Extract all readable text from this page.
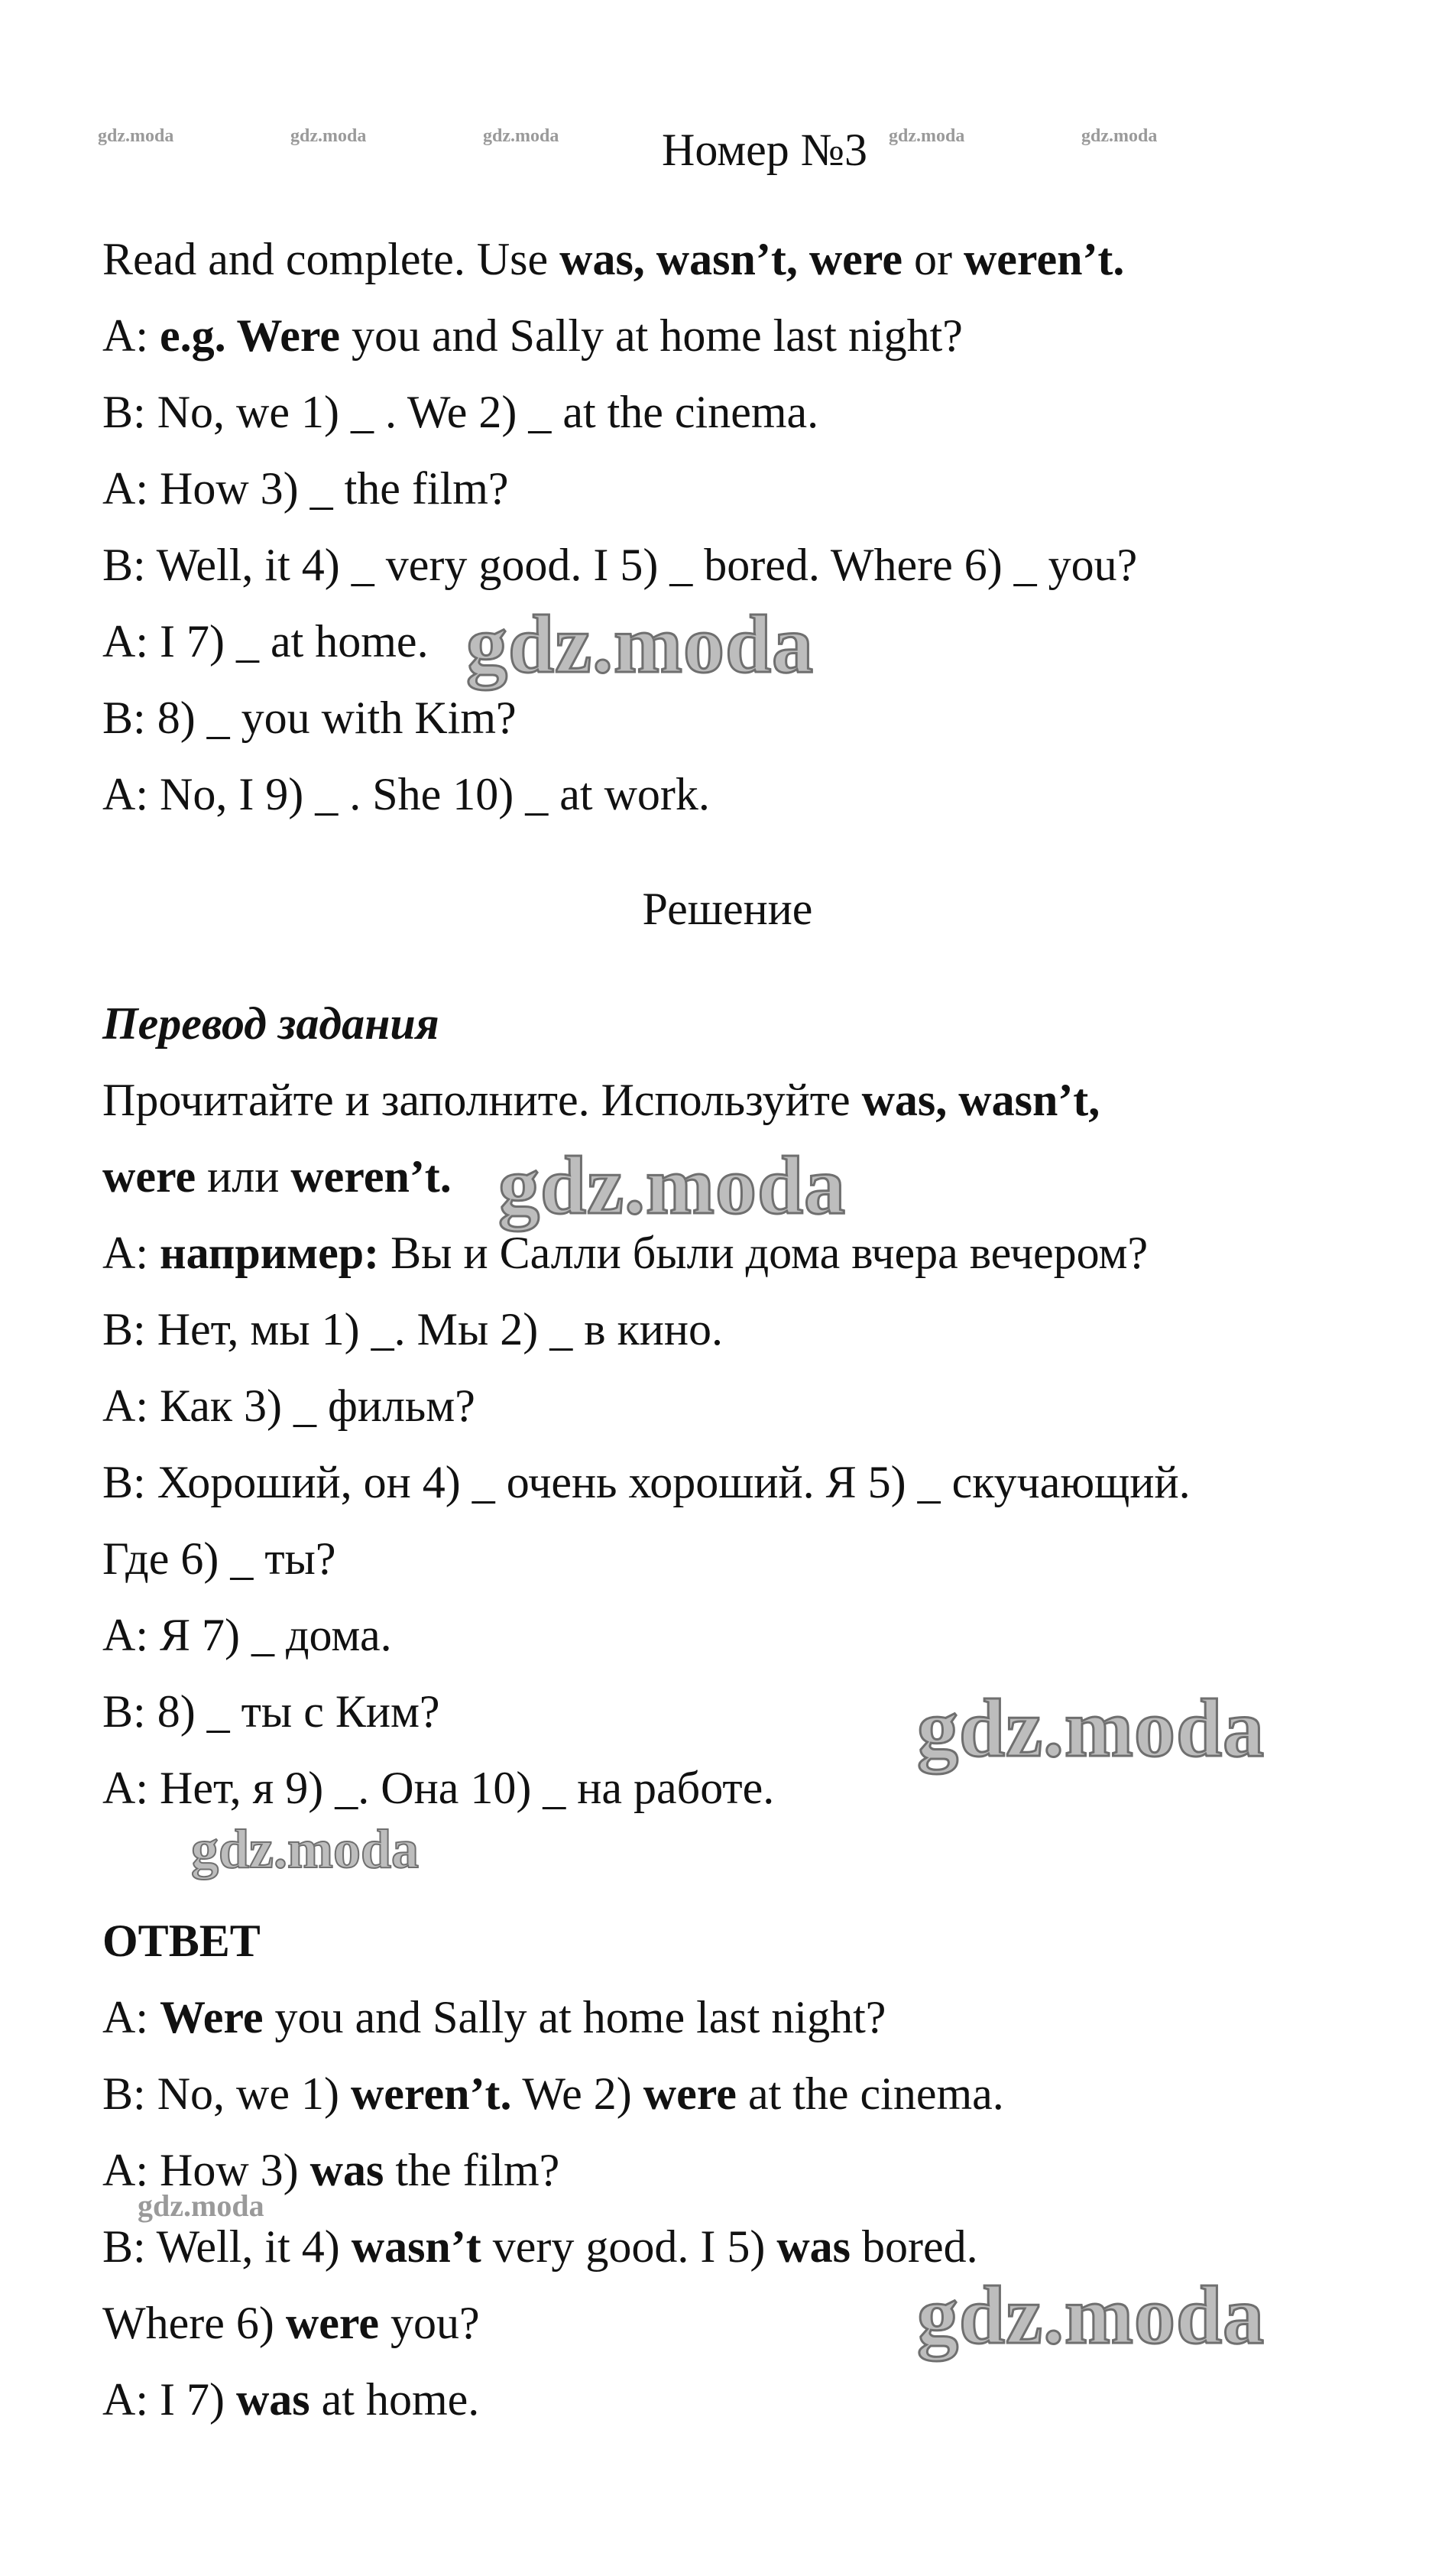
gdz.moda	gdz.moda	gdz.moda	gdz.moda	gdz.moda
Номер №3
Read and complete. Use was, wasn’t, were or weren’t.
A: e.g. Were you and Sally at home last night?
B: No, we 1) _ . We 2) _ at the cinema.
A: How 3) _ the film?
B: Well, it 4) _ very good. I 5) _ bored. Where 6) _ you?
A: I 7) _ at home.
B: 8) _ you with Kim?
A: No, I 9) _ . She 10) _ at work.
gdz.moda
Решение
Перевод задания
Прочитайте и заполните. Используйте was, wasn’t,
were или weren’t. gdz.moda
А: например: Вы и Салли были дома вчера вечером?
В: Нет, мы 1) _. Мы 2) _ в кино.
А: Как 3) _ фильм?
В: Хороший, он 4) _ очень хороший. Я 5) _ скучающий.
Где 6) _ ты?
А: Я 7) _ дома.
В: 8) _ ты с Ким?
А: Нет, я 9) _. Она 10) _ на работе.
gdz.moda
gdz.moda
ОТВЕТ
A: Were you and Sally at home last night?
B: No, we 1) weren’t. We 2) were at the cinema.
A: How 3) was the film?
gdz.moda
B: Well, it 4) wasn’t very good. I 5) was bored.
Where 6) were you?	gdz.moda
A: I 7) was at home.
